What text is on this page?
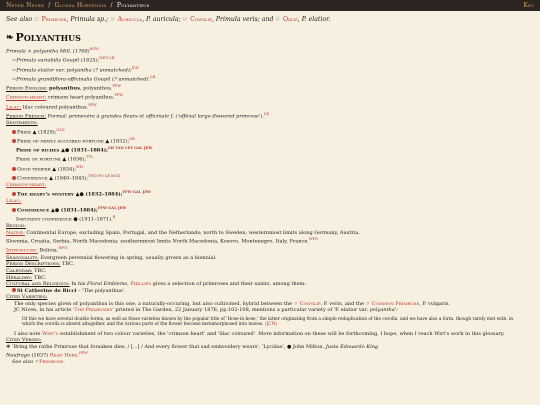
Never Never / Glossa Hortensia / Polyanthus	Key
See also ☞ Primrose, Primula sp.; ☞ Auricula, P. auricula; ☞ Cowslip, Primula veris; and ☞ Oxlip, P. elatior.
❧ Polyanthus
Primula × polyantha Mill. $(1768)^{WFO}$
=Primula variabilis Goupil (1825);$^{WFO LB}$
=Primula elatior var. polyantha (? unmatched);$^{JCN}$
=Primula grandiflora-officinalis Goupil (? unmatched).$^{LB}$
Period English: polyanthus, polyanthos.$^{FFW}$
Crimson-heart: crimson heart polyanthus.$^{FFW}$
Lilac: lilac coloured polyanthus.$^{FFW}$
Period French: Formal: primevère à grandes fleurs et officinale f. ('official large-flowered primrose').$^{LB}$
Sentiments:
Pride ▲ (1829);$^{OLD}$
Pride of newly acquired fortune ▲ (1832);$^{SH}$
Pride of riches ▲● (1831–1884);$^{SH VAN LEY GAL JEW}$
Pride of fortune ▲ (1836);$^{TTL}$
Good temper ▲ (1834);$^{WH}$
Confidence ▲ (1840–1843);$^{TWD PO LB MCK}$
Crimson-heart:
The heart's mystery ▲● (1832–1884);$^{FFW GAL JEW}$
Lilac:
Confidence ▲● (1831–1884);$^{FFW GAL JEW}$
Impudent confidence ● (1911–1871).$^B$
Region:
Native: Continental Europe, excluding Spain, Portugal, and the Netherlands; north to Sweden; westernmost limits along Germany, Austria,
Slovenia, Croatia, Serbia, North Macedonia; southernmost limits North Macedonia, Kosovo, Montenegro, Italy, France.$^{WFO}$
Introduced: Bolivia.$^{WFO}$
Seasonality: Evergreen perennial flowering in spring, usually grown as a biennial.
Period Descriptions: TBC.
Calendar: TBC.
Heraldry: TBC.
Cultural and Religious: In his Floral Emblems, Phillips gives a selection of primroses and their saints, among them:
St Catherine de Ricci – 'The polyanthus'.
Cited Varieties:
The only species given of polyanthus is this one, a naturally-occuring, but also cultivated, hybrid between the ☞ Cowslip, P. veris, and the ☞ Common Primrose, P. vulgaris.
JC Niven, in his article 'The Primroses' printed in The Garden, 22 January 1876, pp.102-108, mentions a particular variety of 'P. elatior var. polyantha':
Of this we have several double forms, as well as those varieties known by the popular title of 'Hose-in-hose,' the latter originating from a simple reduplication of the corolla, and we have also a form, though rarely met with, in which the corolla is absent altogether, and the various parts of the flower become metamorphosed into leaves. (JCN)
I also note Wirt's establishment of two colour varieties, the 'crimson heart' and 'lilac coloured'. More information on these will be forthcoming, I hope, when I reach Wirt's work in this glossary.
Cited Verses:
❖ 'Bring the rathe Primrose that forsaken dies. / [...] / And every flower that sad embroidery wears', 'Lycidas', ● John Milton, Justa Edouardo King
Naufrago (1637) Read Here;$^{FFW}$
See also ☞Primrose.
